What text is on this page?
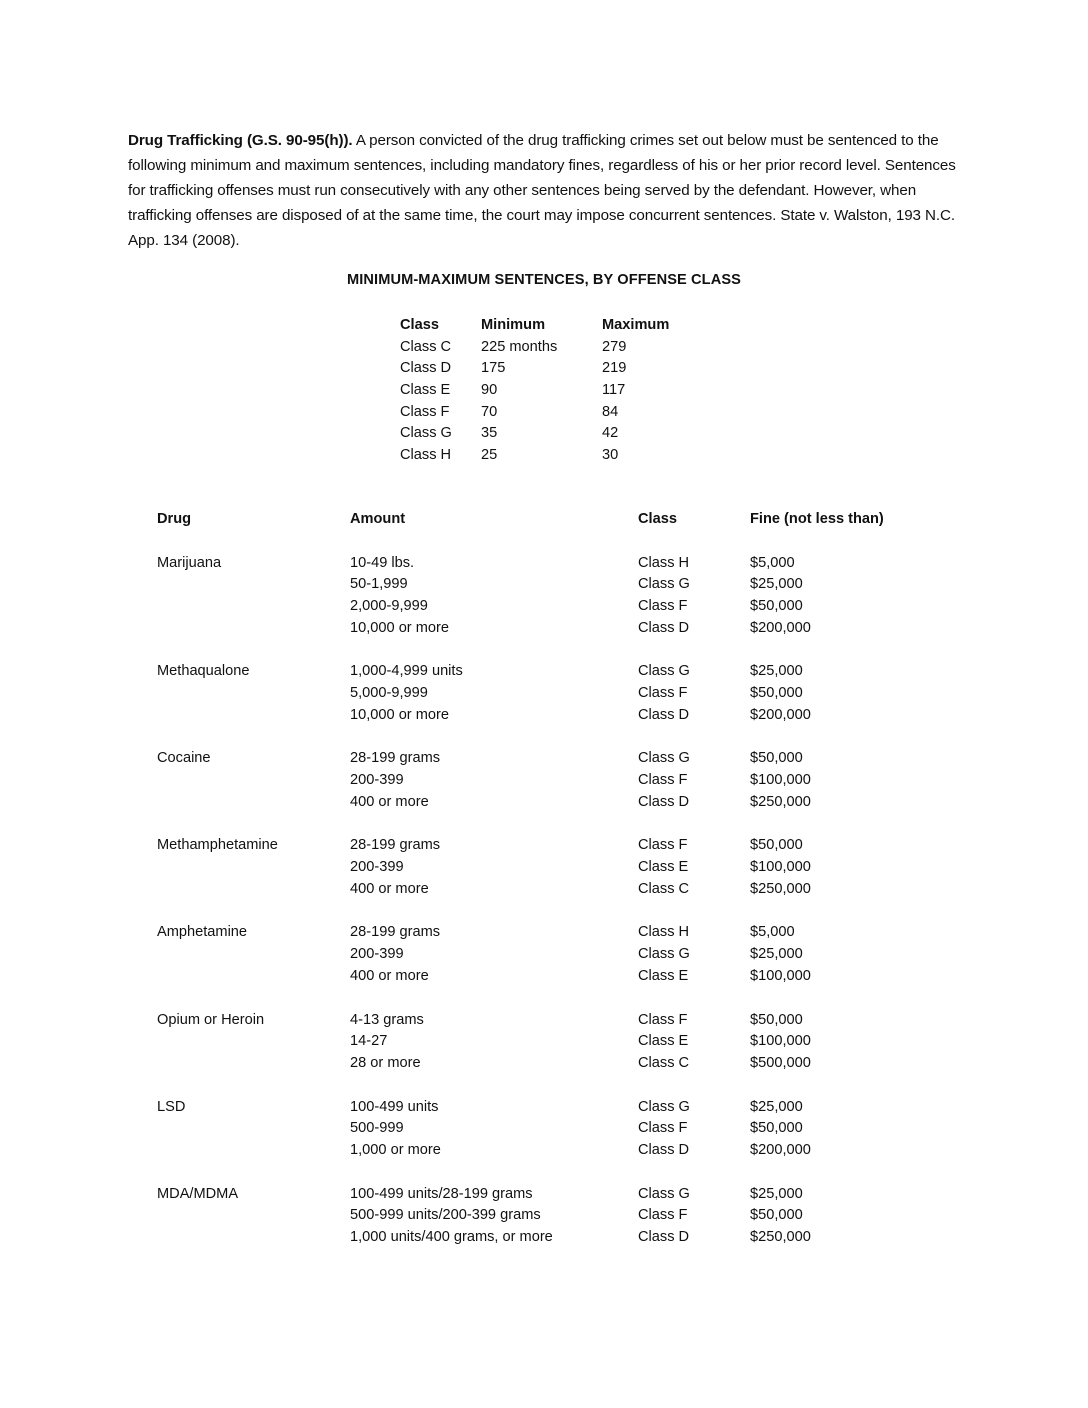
Drug Trafficking (G.S. 90-95(h)). A person convicted of the drug trafficking crimes set out below must be sentenced to the following minimum and maximum sentences, including mandatory fines, regardless of his or her prior record level. Sentences for trafficking offenses must run consecutively with any other sentences being served by the defendant. However, when trafficking offenses are disposed of at the same time, the court may impose concurrent sentences. State v. Walston, 193 N.C. App. 134 (2008).

MINIMUM-MAXIMUM SENTENCES, BY OFFENSE CLASS
Class	Minimum	Maximum
Class C	225 months	279
Class D	175	219
Class E	90	117
Class F	70	84
Class G	35	42
Class H	25	30
Drug	Amount	Class	Fine (not less than)

Marijuana	10-49 lbs.	Class H	$5,000
	50-1,999	Class G	$25,000
	2,000-9,999	Class F	$50,000
	10,000 or more	Class D	$200,000

Methaqualone	1,000-4,999 units	Class G	$25,000
	5,000-9,999	Class F	$50,000
	10,000 or more	Class D	$200,000

Cocaine	28-199 grams	Class G	$50,000
	200-399	Class F	$100,000
	400 or more	Class D	$250,000

Methamphetamine	28-199 grams	Class F	$50,000
	200-399	Class E	$100,000
	400 or more	Class C	$250,000

Amphetamine	28-199 grams	Class H	$5,000
	200-399	Class G	$25,000
	400 or more	Class E	$100,000

Opium or Heroin	4-13 grams	Class F	$50,000
	14-27	Class E	$100,000
	28 or more	Class C	$500,000

LSD	100-499 units	Class G	$25,000
	500-999	Class F	$50,000
	1,000 or more	Class D	$200,000

MDA/MDMA	100-499 units/28-199 grams	Class G	$25,000
	500-999 units/200-399 grams	Class F	$50,000
	1,000 units/400 grams, or more	Class D	$250,000
